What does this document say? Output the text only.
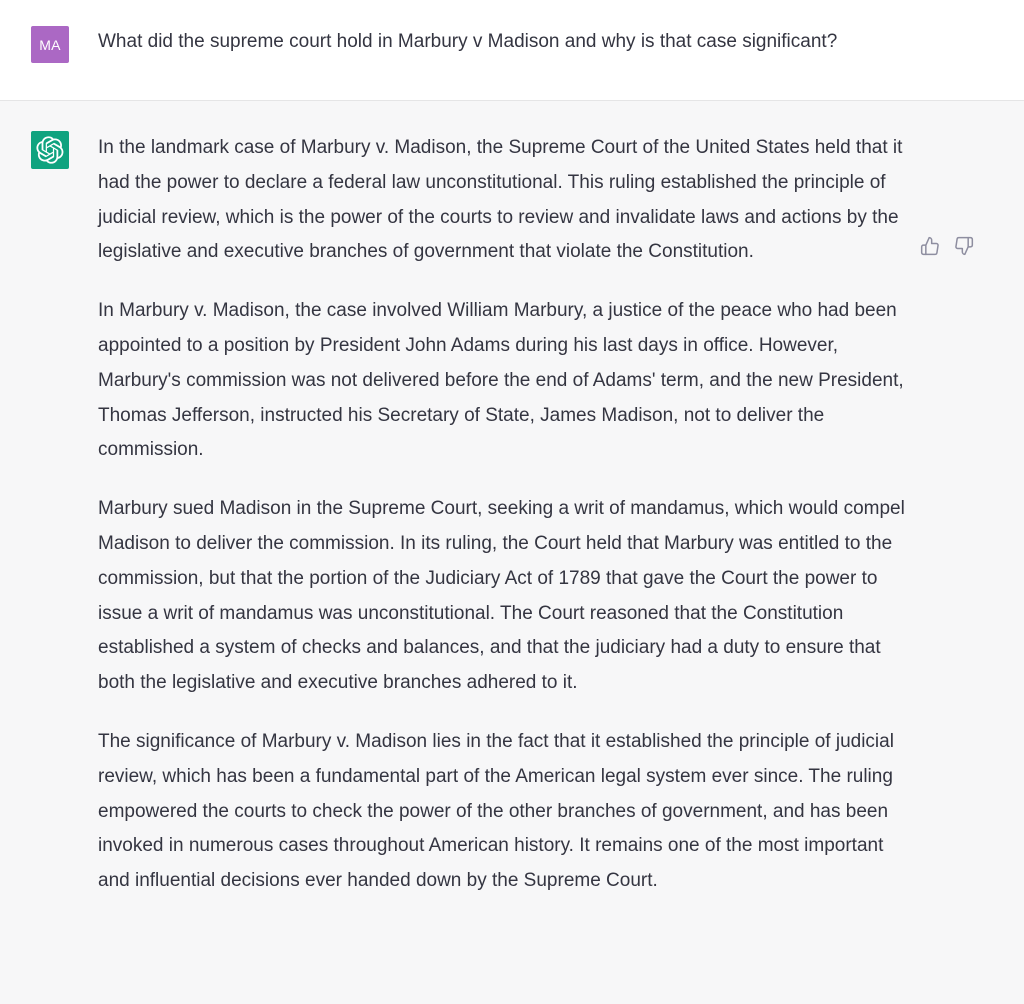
MA	What did the supreme court hold in Marbury v Madison and why is that case significant?

In the landmark case of Marbury v. Madison, the Supreme Court of the United States held that it had the power to declare a federal law unconstitutional. This ruling established the principle of judicial review, which is the power of the courts to review and invalidate laws and actions by the legislative and executive branches of government that violate the Constitution.

In Marbury v. Madison, the case involved William Marbury, a justice of the peace who had been appointed to a position by President John Adams during his last days in office. However, Marbury's commission was not delivered before the end of Adams' term, and the new President, Thomas Jefferson, instructed his Secretary of State, James Madison, not to deliver the commission.

Marbury sued Madison in the Supreme Court, seeking a writ of mandamus, which would compel Madison to deliver the commission. In its ruling, the Court held that Marbury was entitled to the commission, but that the portion of the Judiciary Act of 1789 that gave the Court the power to issue a writ of mandamus was unconstitutional. The Court reasoned that the Constitution established a system of checks and balances, and that the judiciary had a duty to ensure that both the legislative and executive branches adhered to it.

The significance of Marbury v. Madison lies in the fact that it established the principle of judicial review, which has been a fundamental part of the American legal system ever since. The ruling empowered the courts to check the power of the other branches of government, and has been invoked in numerous cases throughout American history. It remains one of the most important and influential decisions ever handed down by the Supreme Court.
